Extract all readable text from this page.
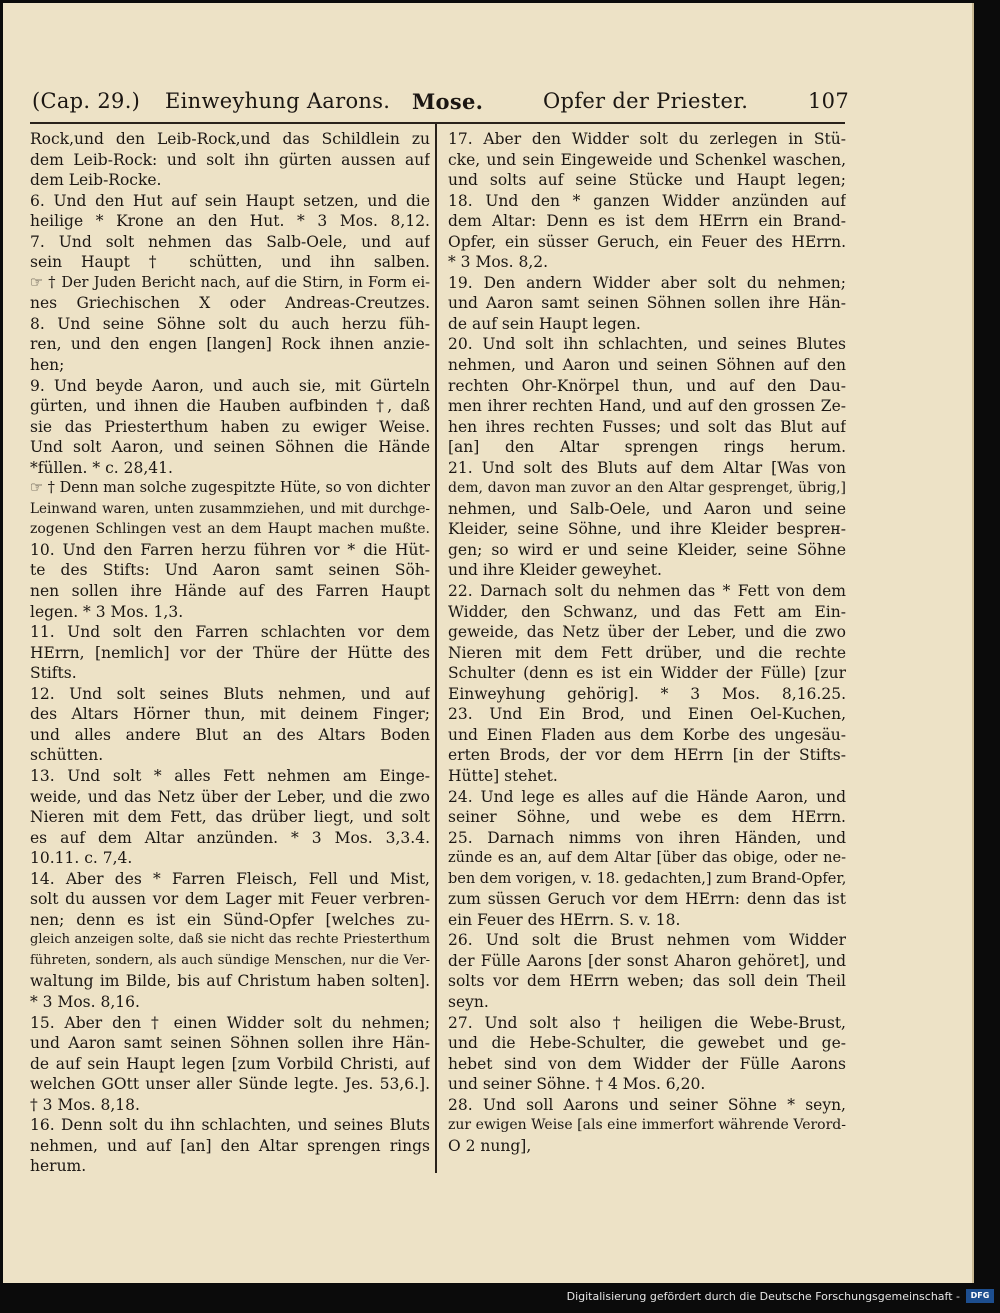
(Cap. 29.) Einweyhung Aarons. Mose.	Opfer der Priester.	107
Rock,und den Leib-Rock,und das Schildlein zu
dem Leib-Rock: und solt ihn gürten aussen auf
dem Leib-Rocke.
6. Und den Hut auf sein Haupt setzen, und die
heilige * Krone an den Hut. * 3 Mos. 8,12.
7. Und solt nehmen das Salb-Oele, und auf
sein Haupt † schütten, und ihn salben.
☞ † Der Juden Bericht nach, auf die Stirn, in Form ei-
nes Griechischen X oder Andreas-Creutzes.
8. Und seine Söhne solt du auch herzu füh-
ren, und den engen [langen] Rock ihnen anzie-
hen;
9. Und beyde Aaron, und auch sie, mit Gürteln
gürten, und ihnen die Hauben aufbinden †, daß
sie das Priesterthum haben zu ewiger Weise.
Und solt Aaron, und seinen Söhnen die Hände
*füllen. * c. 28,41.
☞ † Denn man solche zugespitzte Hüte, so von dichter
Leinwand waren, unten zusammziehen, und mit durchge-
zogenen Schlingen vest an dem Haupt machen mußte.
10. Und den Farren herzu führen vor * die Hüt-
te des Stifts: Und Aaron samt seinen Söh-
nen sollen ihre Hände auf des Farren Haupt
legen. * 3 Mos. 1,3.
11. Und solt den Farren schlachten vor dem
HErrn, [nemlich] vor der Thüre der Hütte des
Stifts.
12. Und solt seines Bluts nehmen, und auf
des Altars Hörner thun, mit deinem Finger;
und alles andere Blut an des Altars Boden
schütten.
13. Und solt * alles Fett nehmen am Einge-
weide, und das Netz über der Leber, und die zwo
Nieren mit dem Fett, das drüber liegt, und solt
es auf dem Altar anzünden. * 3 Mos. 3,3.4.
10.11. c. 7,4.
14. Aber des * Farren Fleisch, Fell und Mist,
solt du aussen vor dem Lager mit Feuer verbren-
nen; denn es ist ein Sünd-Opfer [welches zu-
gleich anzeigen solte, daß sie nicht das rechte Priesterthum
führeten, sondern, als auch sündige Menschen, nur die Ver-
waltung im Bilde, bis auf Christum haben solten].
* 3 Mos. 8,16.
15. Aber den † einen Widder solt du nehmen;
und Aaron samt seinen Söhnen sollen ihre Hän-
de auf sein Haupt legen [zum Vorbild Christi, auf
welchen GOtt unser aller Sünde legte. Jes. 53,6.].
† 3 Mos. 8,18.
16. Denn solt du ihn schlachten, und seines Bluts
nehmen, und auf [an] den Altar sprengen rings
herum.
17. Aber den Widder solt du zerlegen in Stü-
cke, und sein Eingeweide und Schenkel waschen,
und solts auf seine Stücke und Haupt legen;
18. Und den * ganzen Widder anzünden auf
dem Altar: Denn es ist dem HErrn ein Brand-
Opfer, ein süsser Geruch, ein Feuer des HErrn.
* 3 Mos. 8,2.
19. Den andern Widder aber solt du nehmen;
und Aaron samt seinen Söhnen sollen ihre Hän-
de auf sein Haupt legen.
20. Und solt ihn schlachten, und seines Blutes
nehmen, und Aaron und seinen Söhnen auf den
rechten Ohr-Knörpel thun, und auf den Dau-
men ihrer rechten Hand, und auf den grossen Ze-
hen ihres rechten Fusses; und solt das Blut auf
[an] den Altar sprengen rings herum.
21. Und solt des Bluts auf dem Altar [Was von
dem, davon man zuvor an den Altar gesprenget, übrig,]
nehmen, und Salb-Oele, und Aaron und seine
Kleider, seine Söhne, und ihre Kleider besprен-
gen; so wird er und seine Kleider, seine Söhne
und ihre Kleider geweyhet.
22. Darnach solt du nehmen das * Fett von dem
Widder, den Schwanz, und das Fett am Ein-
geweide, das Netz über der Leber, und die zwo
Nieren mit dem Fett drüber, und die rechte
Schulter (denn es ist ein Widder der Fülle) [zur
Einweyhung gehörig]. * 3 Mos. 8,16.25.
23. Und Ein Brod, und Einen Oel-Kuchen,
und Einen Fladen aus dem Korbe des ungesäu-
erten Brods, der vor dem HErrn [in der Stifts-
Hütte] stehet.
24. Und lege es alles auf die Hände Aaron, und
seiner Söhne, und webe es dem HErrn.
25. Darnach nimms von ihren Händen, und
zünde es an, auf dem Altar [über das obige, oder ne-
ben dem vorigen, v. 18. gedachten,] zum Brand-Opfer,
zum süssen Geruch vor dem HErrn: denn das ist
ein Feuer des HErrn. S. v. 18.
26. Und solt die Brust nehmen vom Widder
der Fülle Aarons [der sonst Aharon gehöret], und
solts vor dem HErrn weben; das soll dein Theil
seyn.
27. Und solt also † heiligen die Webe-Brust,
und die Hebe-Schulter, die gewebet und ge-
hebet sind von dem Widder der Fülle Aarons
und seiner Söhne. † 4 Mos. 6,20.
28. Und soll Aarons und seiner Söhne * seyn,
zur ewigen Weise [als eine immerfort währende Verord-
O 2 nung],
Digitalisierung gefördert durch die Deutsche Forschungsgemeinschaft -	DFG
